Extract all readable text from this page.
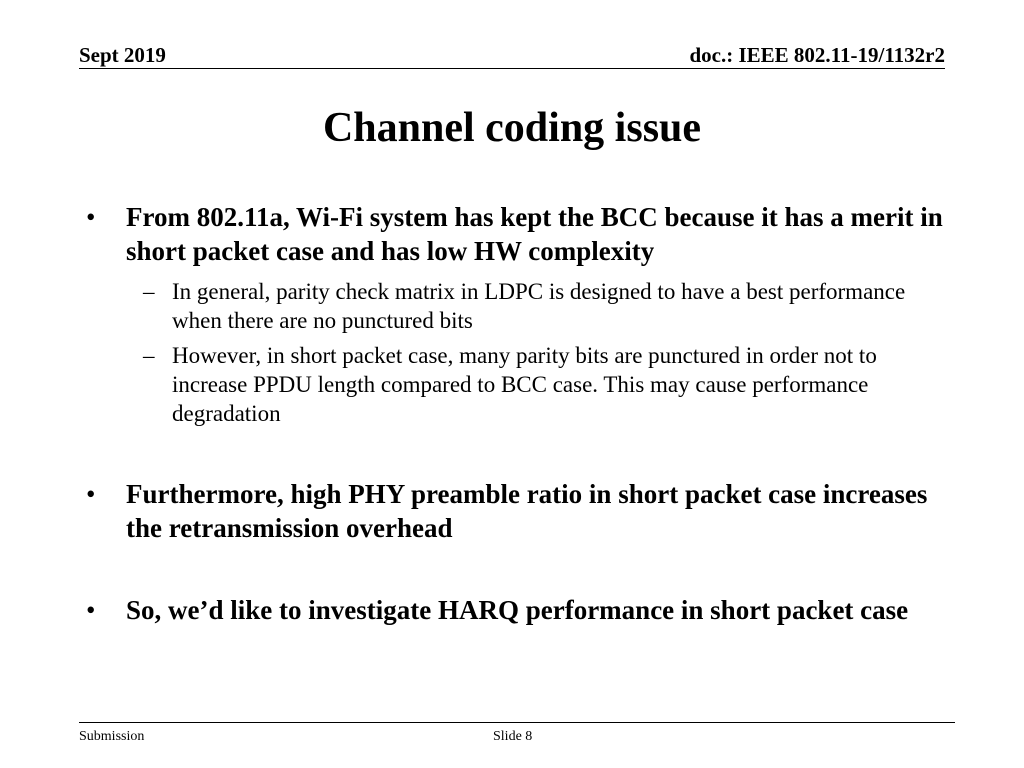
Sept 2019	doc.: IEEE 802.11-19/1132r2
Channel coding issue
• From 802.11a, Wi-Fi system has kept the BCC because it has a merit in short packet case and has low HW complexity
– In general, parity check matrix in LDPC is designed to have a best performance when there are no punctured bits
– However, in short packet case, many parity bits are punctured in order not to increase PPDU length compared to BCC case. This may cause performance degradation
• Furthermore, high PHY preamble ratio in short packet case increases the retransmission overhead
• So, we’d like to investigate HARQ performance in short packet case
Submission	Slide 8
